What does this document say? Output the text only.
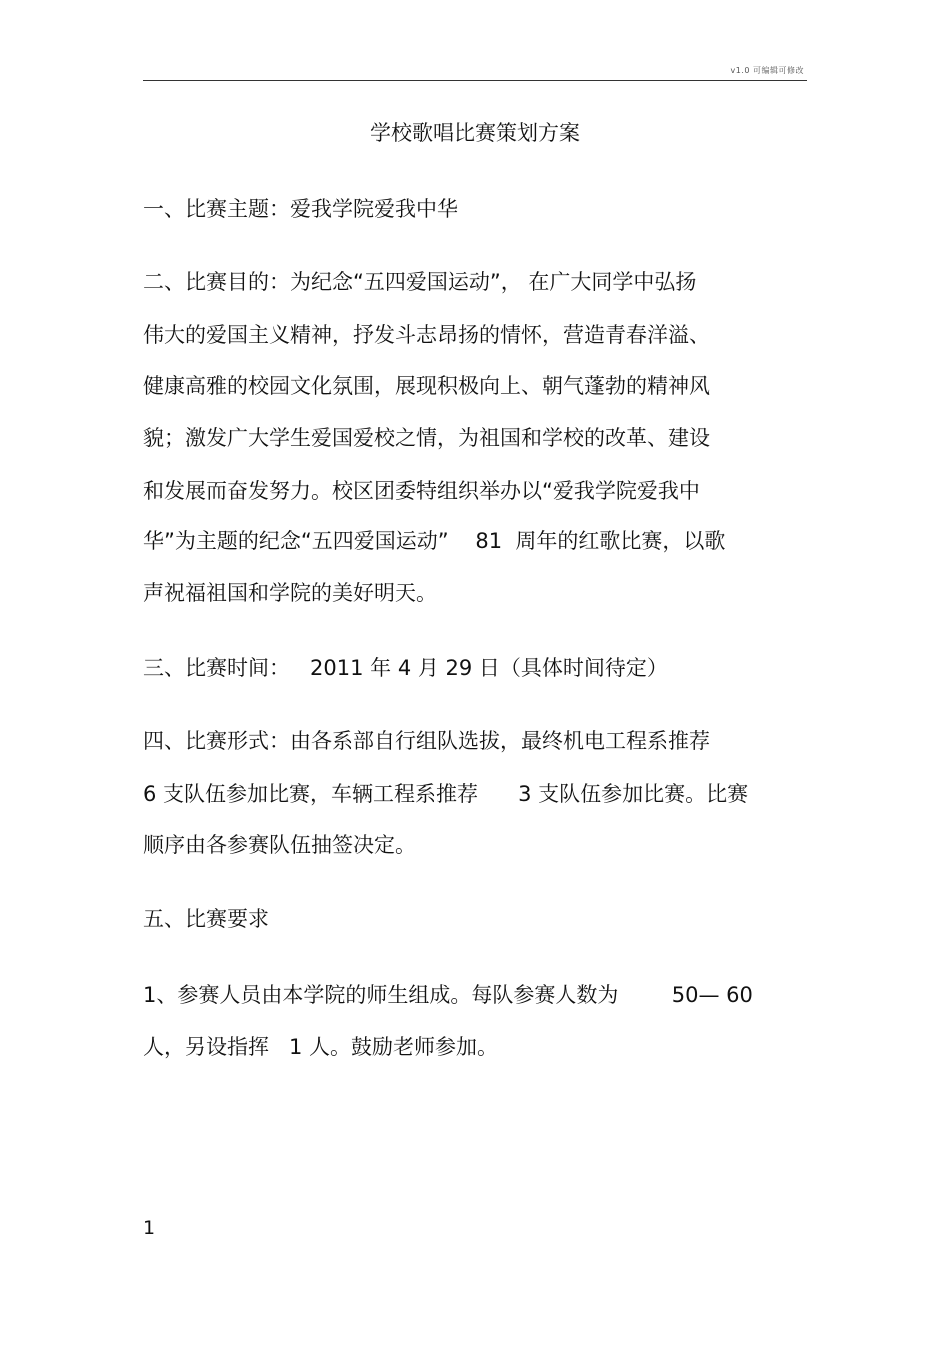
v1.0 可编辑可修改
学校歌唱比赛策划方案
一、比赛主题：爱我学院爱我中华
二、比赛目的：为纪念“五四爱国运动”， 在广大同学中弘扬
伟大的爱国主义精神，抒发斗志昂扬的情怀，营造青春洋溢、
健康高雅的校园文化氛围，展现积极向上、朝气蓬勃的精神风
貌；激发广大学生爱国爱校之情，为祖国和学校的改革、建设
和发展而奋发努力。校区团委特组织举办以“爱我学院爱我中
华”为主题的纪念“五四爱国运动”    81  周年的红歌比赛，以歌
声祝福祖国和学院的美好明天。
三、比赛时间：   2011 年 4 月 29 日（具体时间待定）
四、比赛形式：由各系部自行组队选拔，最终机电工程系推荐
6 支队伍参加比赛，车辆工程系推荐      3 支队伍参加比赛。比赛
顺序由各参赛队伍抽签决定。
五、比赛要求
1、参赛人员由本学院的师生组成。每队参赛人数为        50— 60
人，另设指挥   1 人。鼓励老师参加。
1
